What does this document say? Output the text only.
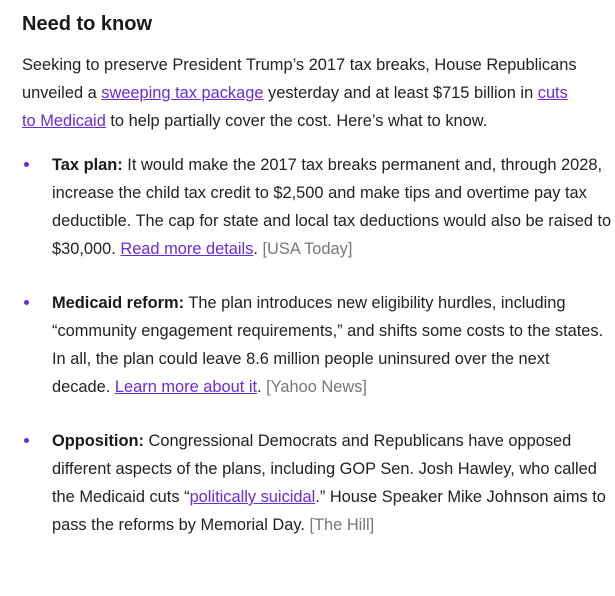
Need to know

Seeking to preserve President Trump’s 2017 tax breaks, House Republicans unveiled a sweeping tax package yesterday and at least $715 billion in cuts to Medicaid to help partially cover the cost. Here’s what to know.

Tax plan: It would make the 2017 tax breaks permanent and, through 2028, increase the child tax credit to $2,500 and make tips and overtime pay tax deductible. The cap for state and local tax deductions would also be raised to $30,000. Read more details. [USA Today]
Medicaid reform: The plan introduces new eligibility hurdles, including “community engagement requirements,” and shifts some costs to the states. In all, the plan could leave 8.6 million people uninsured over the next decade. Learn more about it. [Yahoo News]
Opposition: Congressional Democrats and Republicans have opposed different aspects of the plans, including GOP Sen. Josh Hawley, who called the Medicaid cuts “politically suicidal.” House Speaker Mike Johnson aims to pass the reforms by Memorial Day. [The Hill]
